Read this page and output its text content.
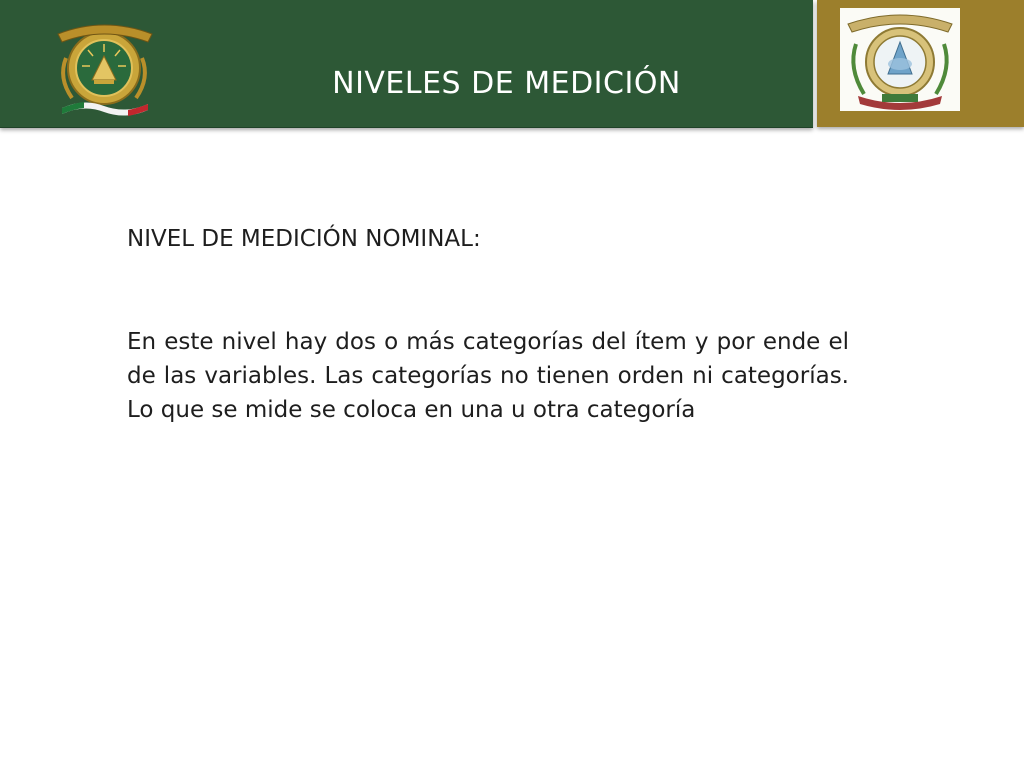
NIVELES DE MEDICIÓN
NIVEL DE MEDICIÓN NOMINAL:
En este nivel hay dos o más categorías del ítem y por ende el de las variables. Las categorías no tienen orden ni categorías. Lo que se mide se coloca en una u otra categoría
